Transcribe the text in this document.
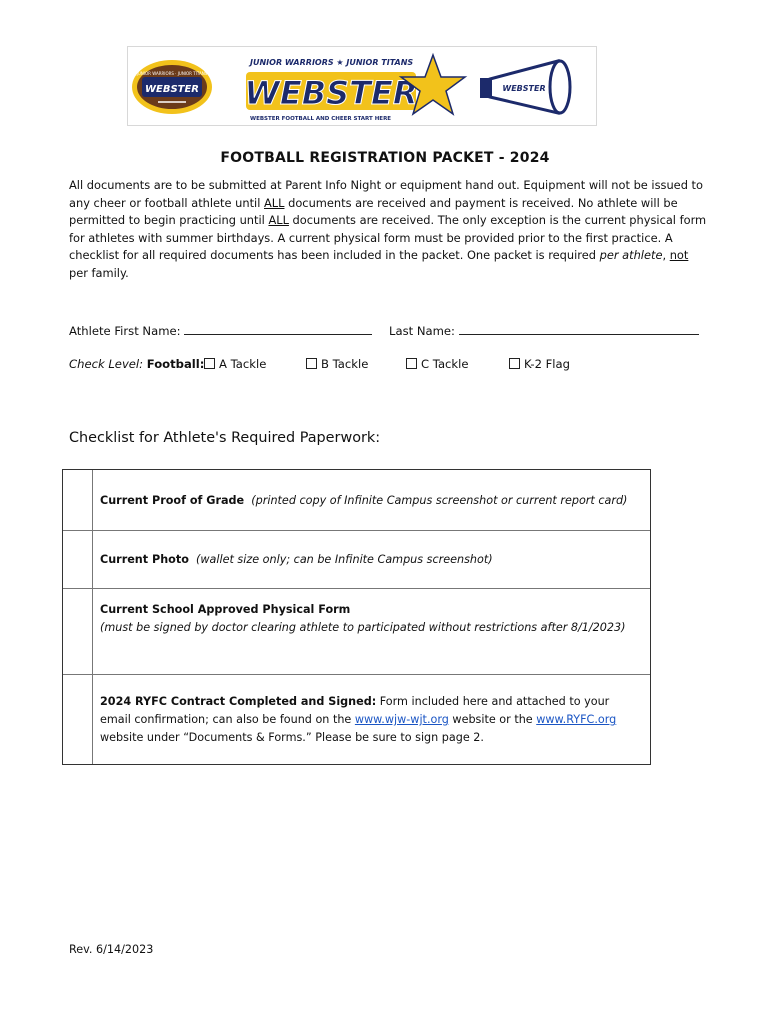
JUNIOR WARRIORS · JUNIOR TITANS
WEBSTER
JUNIOR WARRIORS ★ JUNIOR TITANS
WEBSTER
WEBSTER FOOTBALL AND CHEER START HERE
WEBSTER
FOOTBALL REGISTRATION PACKET - 2024

All documents are to be submitted at Parent Info Night or equipment hand out. Equipment will not be issued to any cheer or football athlete until ALL documents are received and payment is received. No athlete will be permitted to begin practicing until ALL documents are received. The only exception is the current physical form for athletes with summer birthdays. A current physical form must be provided prior to the first practice. A checklist for all required documents has been included in the packet. One packet is required per athlete, not per family.

Athlete First Name:	Last Name:
Check Level: Football:	A Tackle	B Tackle	C Tackle	K-2 Flag
Checklist for Athlete's Required Paperwork:
Current Proof of Grade (printed copy of Infinite Campus screenshot or current report card)
Current Photo (wallet size only; can be Infinite Campus screenshot)
Current School Approved Physical Form
(must be signed by doctor clearing athlete to participated without restrictions after 8/1/2023)
2024 RYFC Contract Completed and Signed: Form included here and attached to your email confirmation; can also be found on the www.wjw-wjt.org website or the www.RYFC.org website under “Documents & Forms.” Please be sure to sign page 2.
Rev. 6/14/2023
